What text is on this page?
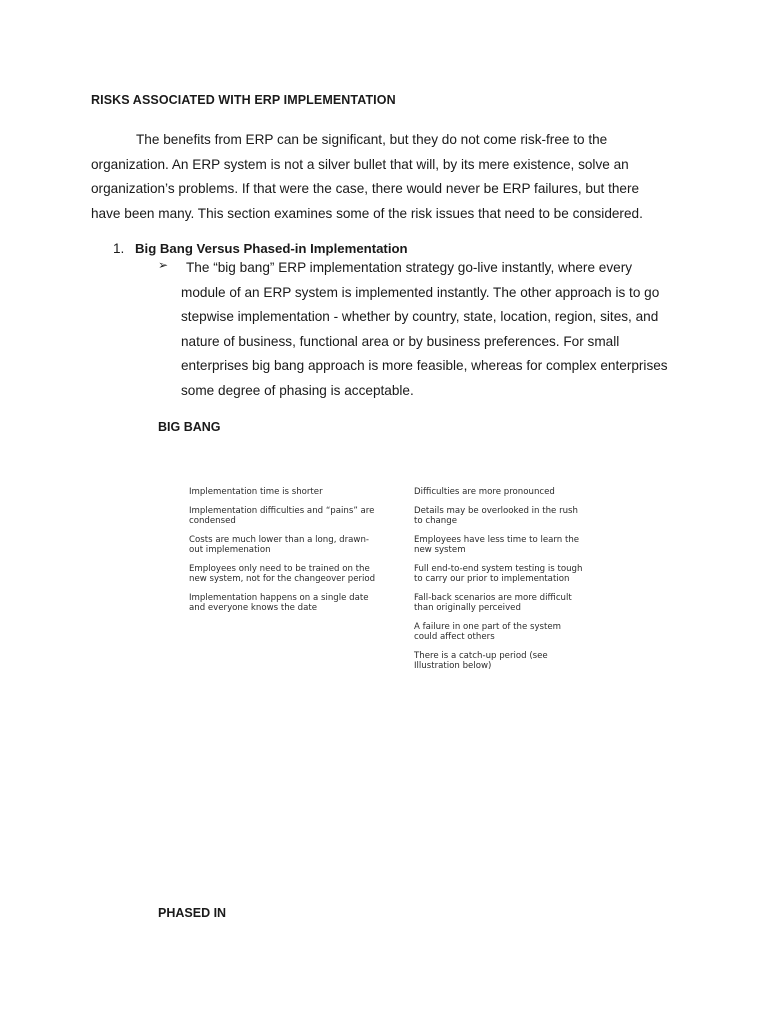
RISKS ASSOCIATED WITH ERP IMPLEMENTATION

The benefits from ERP can be significant, but they do not come risk-free to the
organization. An ERP system is not a silver bullet that will, by its mere existence, solve an
organization’s problems. If that were the case, there would never be ERP failures, but there
have been many. This section examines some of the risk issues that need to be considered.

1. Big Bang Versus Phased-in Implementation
➢	The “big bang” ERP implementation strategy go-live instantly, where every
module of an ERP system is implemented instantly. The other approach is to go
stepwise implementation - whether by country, state, location, region, sites, and
nature of business, functional area or by business preferences. For small
enterprises big bang approach is more feasible, whereas for complex enterprises
some degree of phasing is acceptable.

BIG BANG
Implementation time is shorter
Implementation difficulties and “pains” are
condensed
Costs are much lower than a long, drawn-
out implemenation
Employees only need to be trained on the
new system, not for the changeover period
Implementation happens on a single date
and everyone knows the date
Difficulties are more pronounced
Details may be overlooked in the rush
to change
Employees have less time to learn the
new system
Full end-to-end system testing is tough
to carry our prior to implementation
Fall-back scenarios are more difficult
than originally perceived
A failure in one part of the system
could affect others
There is a catch-up period (see
Illustration below)
PHASED IN
